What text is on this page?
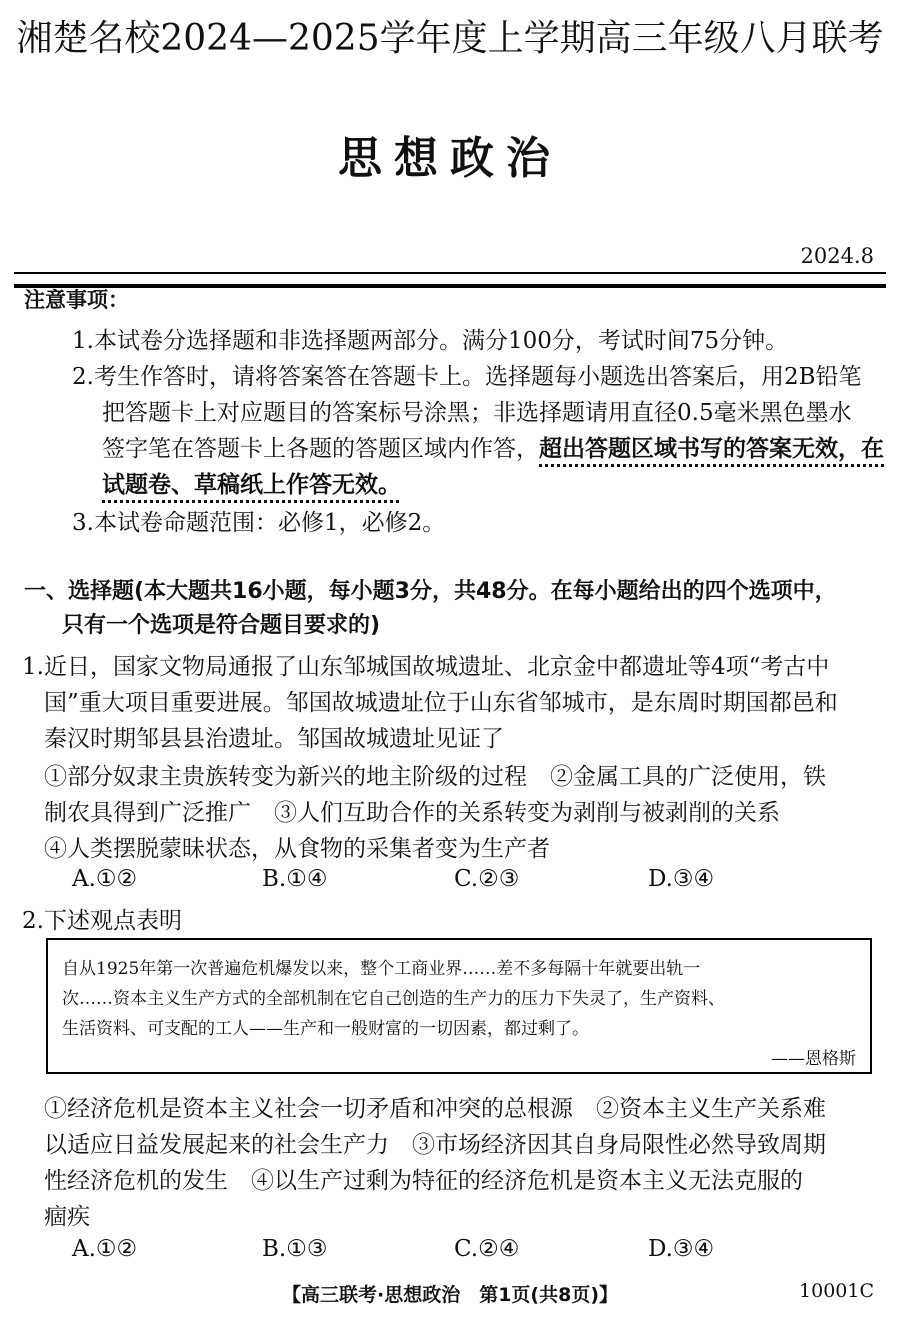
湘楚名校2024—2025学年度上学期高三年级八月联考
思想政治
2024.8
注意事项：
1.本试卷分选择题和非选择题两部分。满分100分，考试时间75分钟。
2.考生作答时，请将答案答在答题卡上。选择题每小题选出答案后，用2B铅笔
把答题卡上对应题目的答案标号涂黑；非选择题请用直径0.5毫米黑色墨水
签字笔在答题卡上各题的答题区域内作答，超出答题区域书写的答案无效，在
试题卷、草稿纸上作答无效。
3.本试卷命题范围：必修1，必修2。
一、选择题(本大题共16小题，每小题3分，共48分。在每小题给出的四个选项中，
只有一个选项是符合题目要求的)
1.近日，国家文物局通报了山东邹城国故城遗址、北京金中都遗址等4项“考古中
国”重大项目重要进展。邹国故城遗址位于山东省邹城市，是东周时期国都邑和
秦汉时期邹县县治遗址。邹国故城遗址见证了
①部分奴隶主贵族转变为新兴的地主阶级的过程　②金属工具的广泛使用，铁
制农具得到广泛推广　③人们互助合作的关系转变为剥削与被剥削的关系
④人类摆脱蒙昧状态，从食物的采集者变为生产者
A.①②	B.①④	C.②③	D.③④
2.下述观点表明
自从1925年第一次普遍危机爆发以来，整个工商业界……差不多每隔十年就要出轨一
次……资本主义生产方式的全部机制在它自己创造的生产力的压力下失灵了，生产资料、
生活资料、可支配的工人——生产和一般财富的一切因素，都过剩了。
——恩格斯
①经济危机是资本主义社会一切矛盾和冲突的总根源　②资本主义生产关系难
以适应日益发展起来的社会生产力　③市场经济因其自身局限性必然导致周期
性经济危机的发生　④以生产过剩为特征的经济危机是资本主义无法克服的
痼疾
A.①②	B.①③	C.②④	D.③④
【高三联考·思想政治　第1页(共8页)】	10001C
